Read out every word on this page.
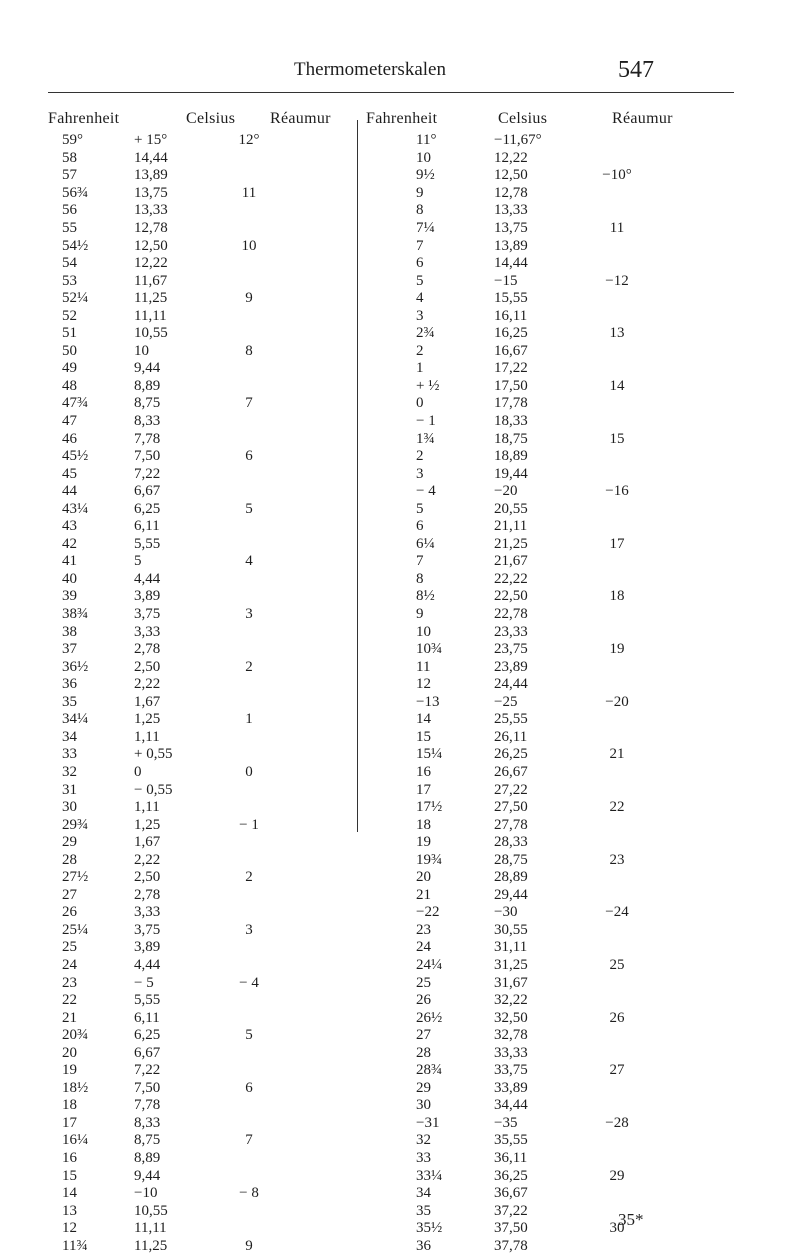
Thermometerskalen	547
Fahrenheit	Celsius Réaumur Fahrenheit	Celsius	Réaumur
59°	+ 15°	12°
58	14,44	
57	13,89	
56¾	13,75	11
56	13,33	
55	12,78	
54½	12,50	10
54	12,22	
53	11,67	
52¼	11,25	9
52	11,11	
51	10,55	
50	10	8
49	9,44	
48	8,89	
47¾	8,75	7
47	8,33	
46	7,78	
45½	7,50	6
45	7,22	
44	6,67	
43¼	6,25	5
43	6,11	
42	5,55	
41	5	4
40	4,44	
39	3,89	
38¾	3,75	3
38	3,33	
37	2,78	
36½	2,50	2
36	2,22	
35	1,67	
34¼	1,25	1
34	1,11	
33	+ 0,55	
32	0	0
31	− 0,55	
30	1,11	
29¾	1,25	− 1
29	1,67	
28	2,22	
27½	2,50	2
27	2,78	
26	3,33	
25¼	3,75	3
25	3,89	
24	4,44	
23	− 5	− 4
22	5,55	
21	6,11	
20¾	6,25	5
20	6,67	
19	7,22	
18½	7,50	6
18	7,78	
17	8,33	
16¼	8,75	7
16	8,89	
15	9,44	
14	−10	− 8
13	10,55	
12	11,11	
11¾	11,25	9
11°	−11,67°	
10	12,22	
9½	12,50	−10°
9	12,78	
8	13,33	
7¼	13,75	11
7	13,89	
6	14,44	
5	−15	−12
4	15,55	
3	16,11	
2¾	16,25	13
2	16,67	
1	17,22	
+ ½	17,50	14
0	17,78	
− 1	18,33	
1¾	18,75	15
2	18,89	
3	19,44	
− 4	−20	−16
5	20,55	
6	21,11	
6¼	21,25	17
7	21,67	
8	22,22	
8½	22,50	18
9	22,78	
10	23,33	
10¾	23,75	19
11	23,89	
12	24,44	
−13	−25	−20
14	25,55	
15	26,11	
15¼	26,25	21
16	26,67	
17	27,22	
17½	27,50	22
18	27,78	
19	28,33	
19¾	28,75	23
20	28,89	
21	29,44	
−22	−30	−24
23	30,55	
24	31,11	
24¼	31,25	25
25	31,67	
26	32,22	
26½	32,50	26
27	32,78	
28	33,33	
28¾	33,75	27
29	33,89	
30	34,44	
−31	−35	−28
32	35,55	
33	36,11	
33¼	36,25	29
34	36,67	
35	37,22	
35½	37,50	30
36	37,78	
35*
